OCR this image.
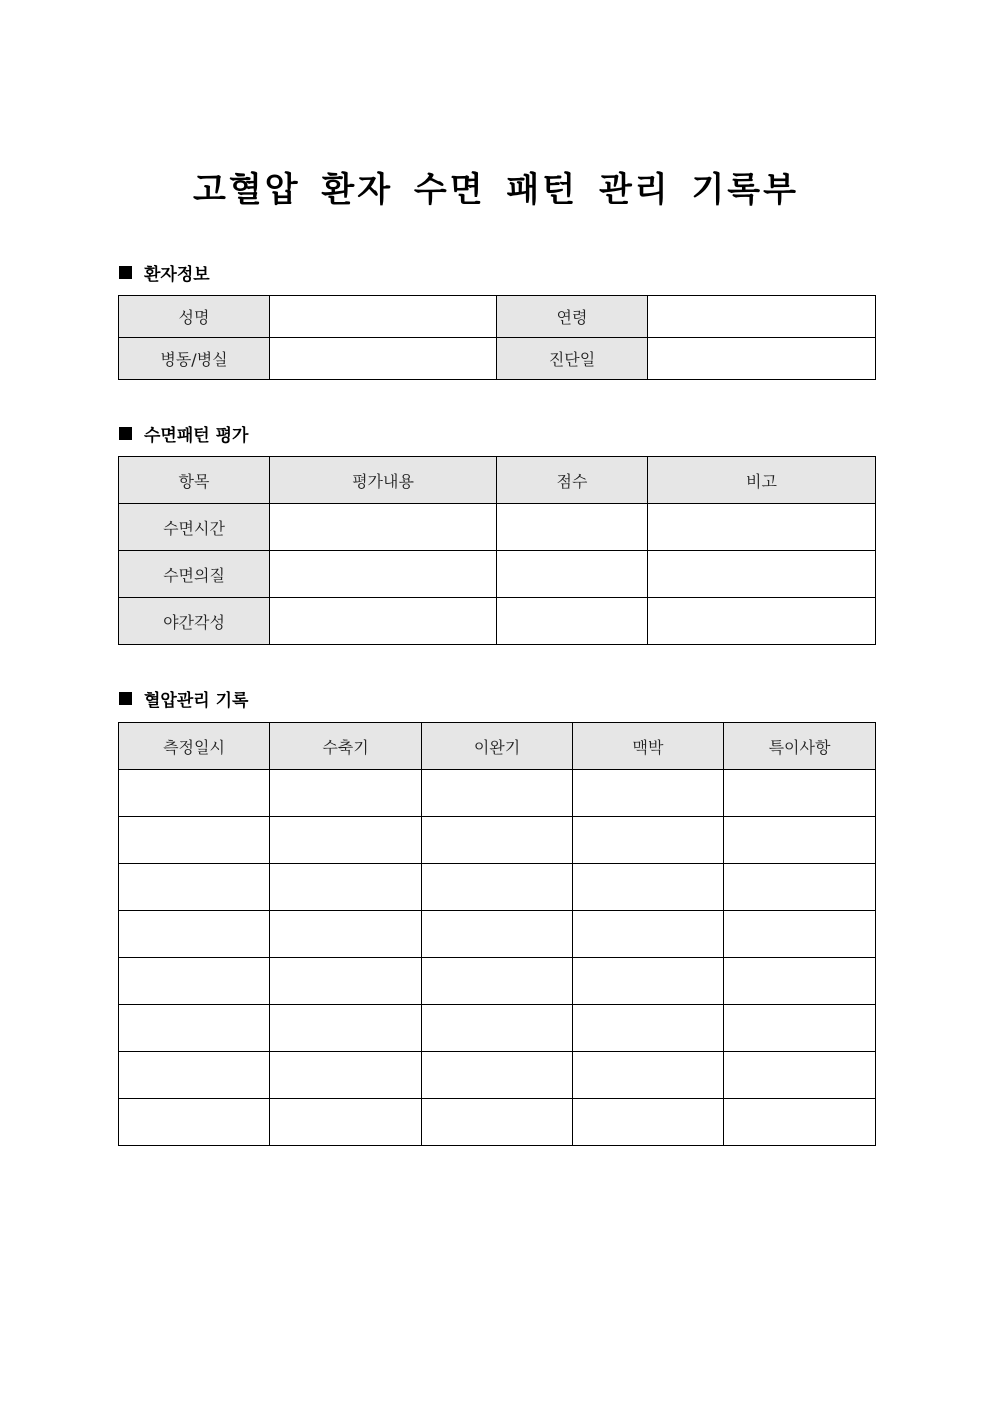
고혈압 환자 수면 패턴 관리 기록부
환자정보
성명		연령	
병동/병실		진단일	
수면패턴 평가
항목	평가내용	점수	비고
수면시간			
수면의질			
야간각성			
혈압관리 기록
측정일시	수축기	이완기	맥박	특이사항
